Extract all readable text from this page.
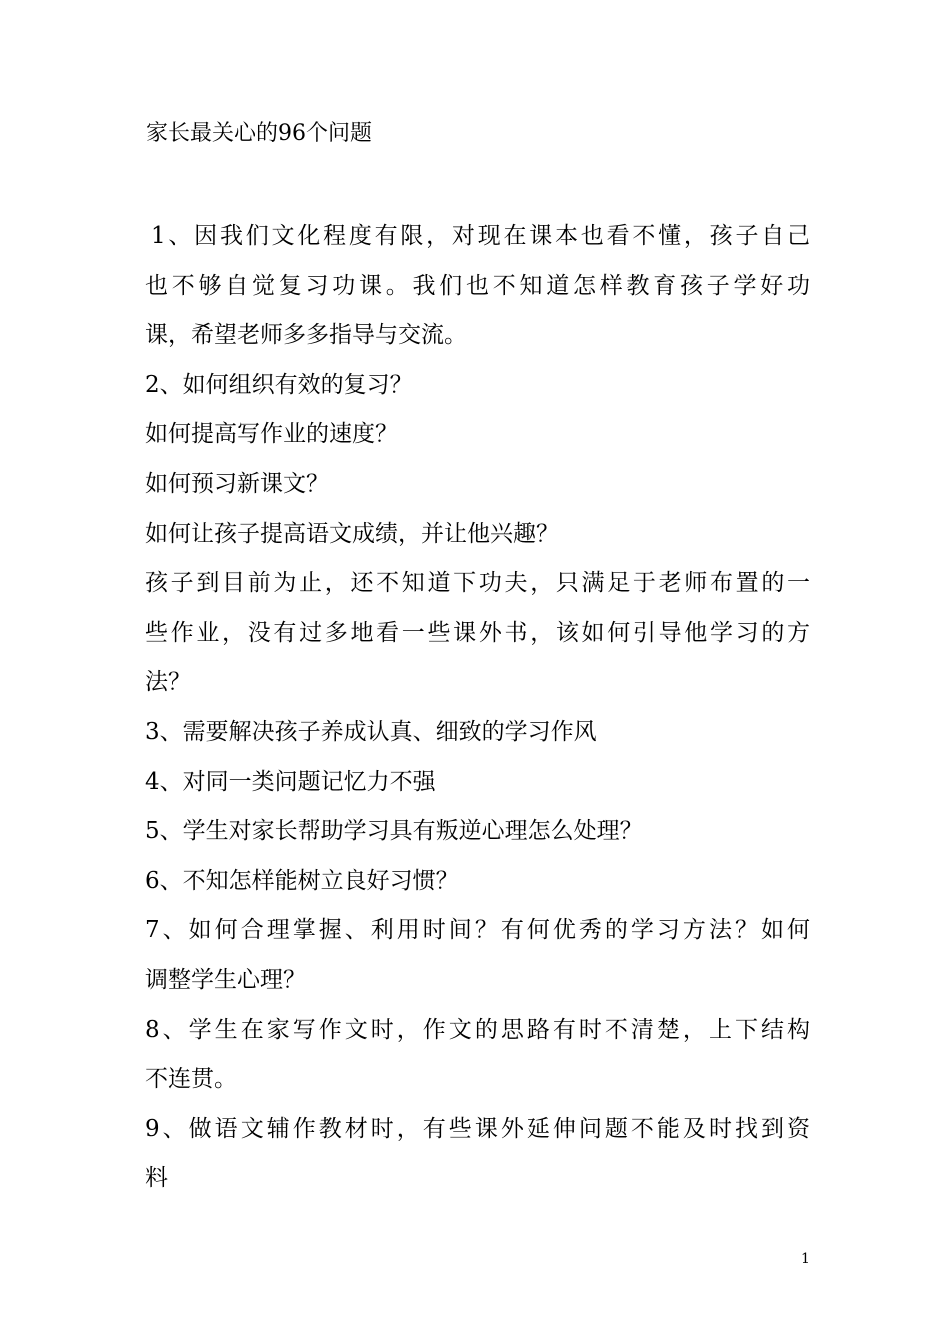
家长最关心的96个问题
1、因我们文化程度有限，对现在课本也看不懂，孩子自己
也不够自觉复习功课。我们也不知道怎样教育孩子学好功
课，希望老师多多指导与交流。
2、如何组织有效的复习？
如何提高写作业的速度？
如何预习新课文？
如何让孩子提高语文成绩，并让他兴趣？
孩子到目前为止，还不知道下功夫，只满足于老师布置的一
些作业，没有过多地看一些课外书，该如何引导他学习的方
法？
3、需要解决孩子养成认真、细致的学习作风
4、对同一类问题记忆力不强
5、学生对家长帮助学习具有叛逆心理怎么处理？
6、不知怎样能树立良好习惯？
7、如何合理掌握、利用时间？有何优秀的学习方法？如何
调整学生心理？
8、学生在家写作文时，作文的思路有时不清楚，上下结构
不连贯。
9、做语文辅作教材时，有些课外延伸问题不能及时找到资
料
1
